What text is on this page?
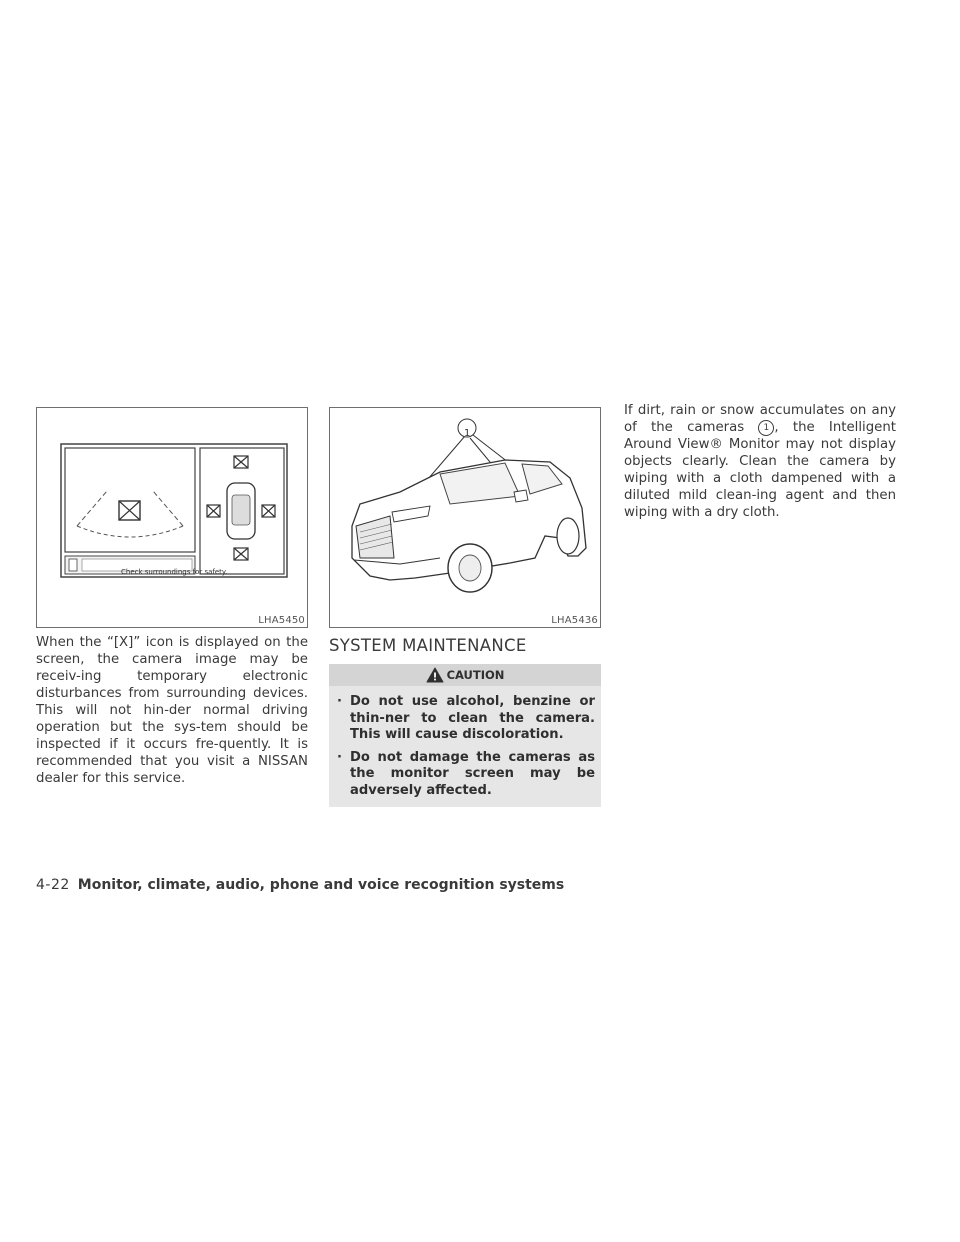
Check surroundings for safety.
LHA5450
1
LHA5436

When the “[X]” icon is displayed on the screen, the camera image may be receiv-ing temporary electronic disturbances from surrounding devices. This will not hin-der normal driving operation but the sys-tem should be inspected if it occurs fre-quently. It is recommended that you visit a NISSAN dealer for this service.

SYSTEM MAINTENANCE
CAUTION
· Do not use alcohol, benzine or thin-ner to clean the camera. This will cause discoloration.
· Do not damage the cameras as the monitor screen may be adversely affected.

If dirt, rain or snow accumulates on any of the cameras 1 , the Intelligent Around View® Monitor may not display objects clearly. Clean the camera by wiping with a cloth dampened with a diluted mild clean-ing agent and then wiping with a dry cloth.

4-22 Monitor, climate, audio, phone and voice recognition systems
